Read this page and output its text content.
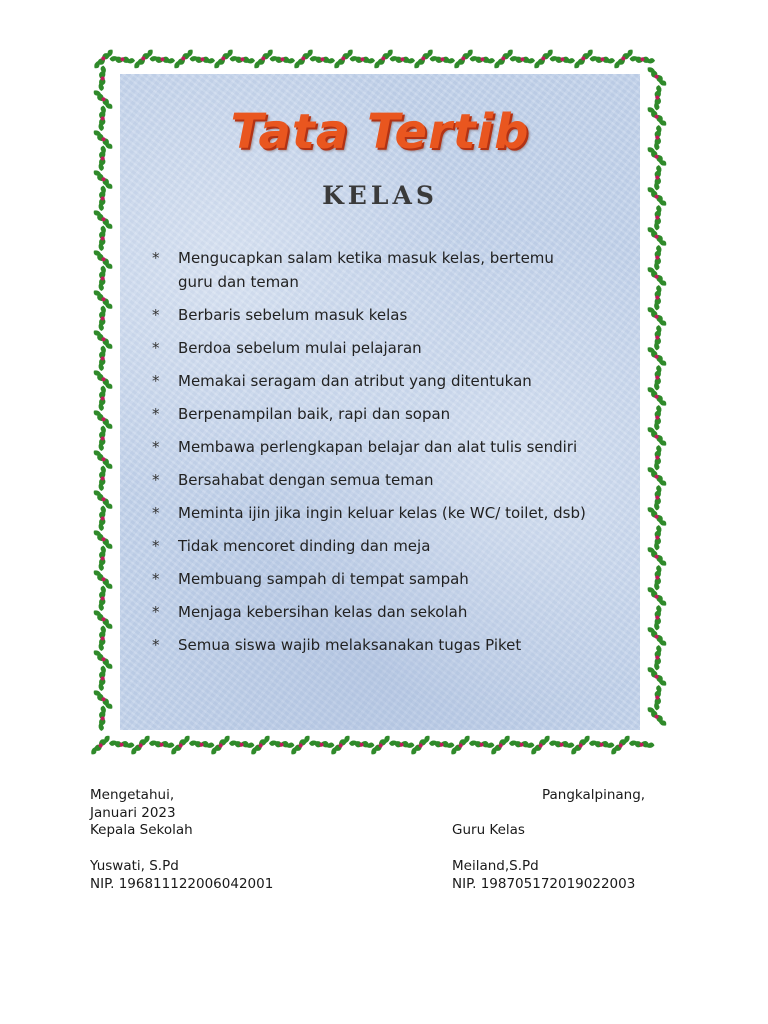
Tata Tertib
KELAS
* Mengucapkan salam ketika masuk kelas, bertemu guru dan teman
* Berbaris sebelum masuk kelas
* Berdoa sebelum mulai pelajaran
* Memakai seragam dan atribut yang ditentukan
* Berpenampilan baik, rapi dan sopan
* Membawa perlengkapan belajar dan alat tulis sendiri
* Bersahabat dengan semua teman
* Meminta ijin jika ingin keluar kelas (ke WC/ toilet, dsb)
* Tidak mencoret dinding dan meja
* Membuang sampah di tempat sampah
* Menjaga kebersihan kelas dan sekolah
* Semua siswa wajib melaksanakan tugas Piket

Mengetahui,	Pangkalpinang,

Januari 2023

Kepala Sekolah	Guru Kelas

Yuswati, S.Pd	Meiland,S.Pd

NIP. 196811122006042001	NIP. 198705172019022003
